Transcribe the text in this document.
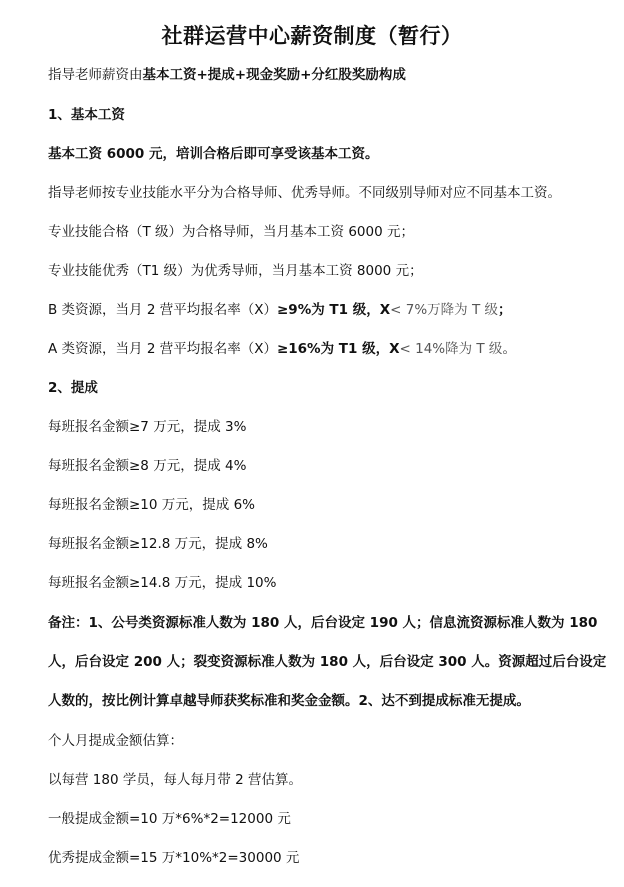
社群运营中心薪资制度（暂行）
指导老师薪资由基本工资+提成+现金奖励+分红股奖励构成
1、基本工资
基本工资 6000 元，培训合格后即可享受该基本工资。
指导老师按专业技能水平分为合格导师、优秀导师。不同级别导师对应不同基本工资。
专业技能合格（T 级）为合格导师，当月基本工资 6000 元；
专业技能优秀（T1 级）为优秀导师，当月基本工资 8000 元；
B 类资源，当月 2 营平均报名率（X）≥9%为 T1 级，X< 7%万降为 T 级；
A 类资源，当月 2 营平均报名率（X）≥16%为 T1 级，X< 14%降为 T 级。
2、提成
每班报名金额≥7 万元，提成 3%
每班报名金额≥8 万元，提成 4%
每班报名金额≥10 万元，提成 6%
每班报名金额≥12.8 万元，提成 8%
每班报名金额≥14.8 万元，提成 10%
备注：1、公号类资源标准人数为 180 人，后台设定 190 人；信息流资源标准人数为 180
人，后台设定 200 人；裂变资源标准人数为 180 人，后台设定 300 人。资源超过后台设定
人数的，按比例计算卓越导师获奖标准和奖金金额。2、达不到提成标准无提成。
个人月提成金额估算：
以每营 180 学员，每人每月带 2 营估算。
一般提成金额=10 万*6%*2=12000 元
优秀提成金额=15 万*10%*2=30000 元
